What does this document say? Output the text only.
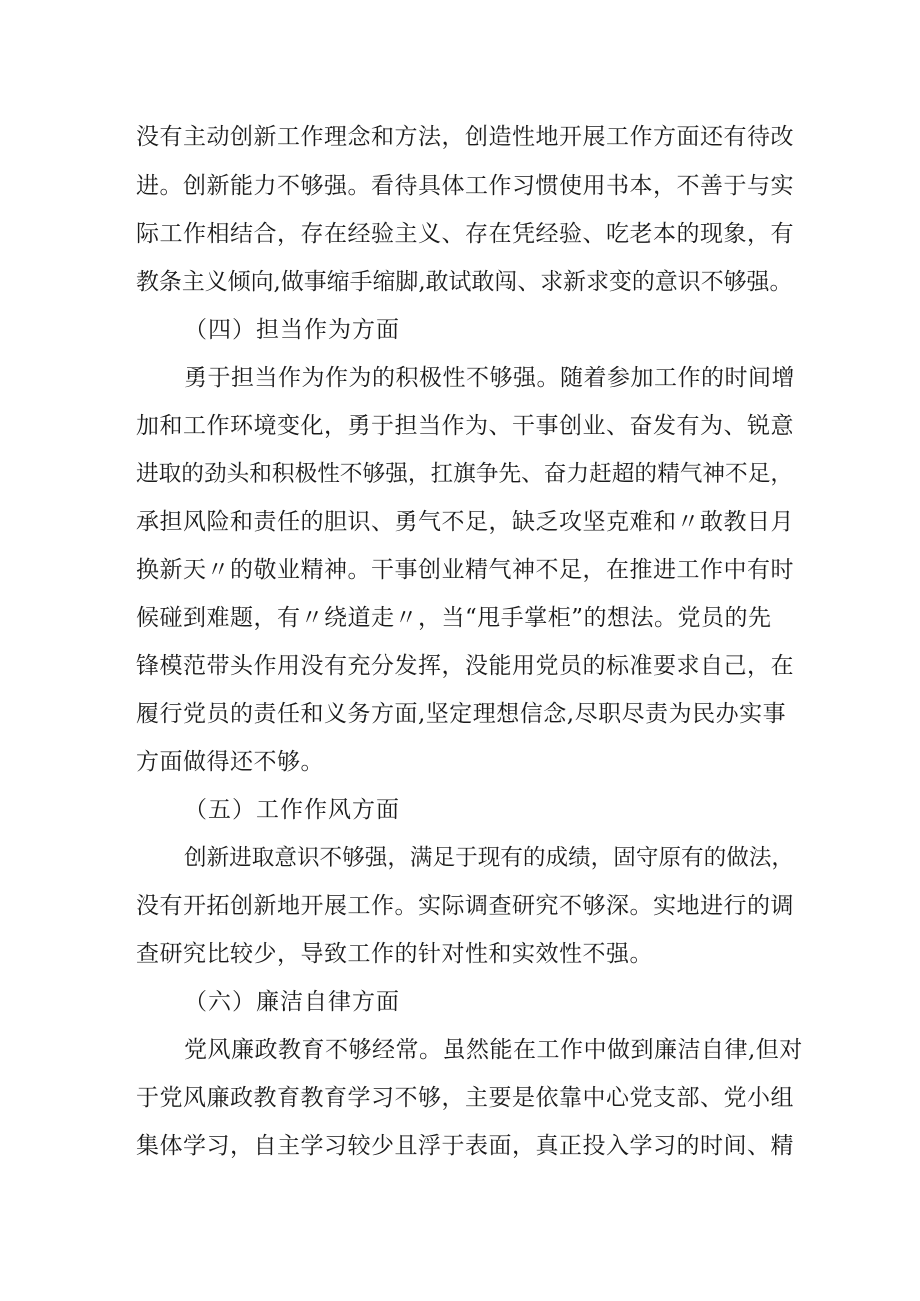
没有主动创新工作理念和方法，创造性地开展工作方面还有待改
进。创新能力不够强。看待具体工作习惯使用书本，不善于与实
际工作相结合，存在经验主义、存在凭经验、吃老本的现象，有
教条主义倾向,做事缩手缩脚,敢试敢闯、求新求变的意识不够强。
（四）担当作为方面
勇于担当作为作为的积极性不够强。随着参加工作的时间增
加和工作环境变化，勇于担当作为、干事创业、奋发有为、锐意
进取的劲头和积极性不够强，扛旗争先、奋力赶超的精气神不足，
承担风险和责任的胆识、勇气不足，缺乏攻坚克难和〃敢教日月
换新天〃的敬业精神。干事创业精气神不足，在推进工作中有时
候碰到难题，有〃绕道走〃，当“甩手掌柜”的想法。党员的先
锋模范带头作用没有充分发挥，没能用党员的标准要求自己，在
履行党员的责任和义务方面,坚定理想信念,尽职尽责为民办实事
方面做得还不够。
（五）工作作风方面
创新进取意识不够强，满足于现有的成绩，固守原有的做法，
没有开拓创新地开展工作。实际调查研究不够深。实地进行的调
查研究比较少，导致工作的针对性和实效性不强。
（六）廉洁自律方面
党风廉政教育不够经常。虽然能在工作中做到廉洁自律,但对
于党风廉政教育教育学习不够，主要是依靠中心党支部、党小组
集体学习，自主学习较少且浮于表面，真正投入学习的时间、精
